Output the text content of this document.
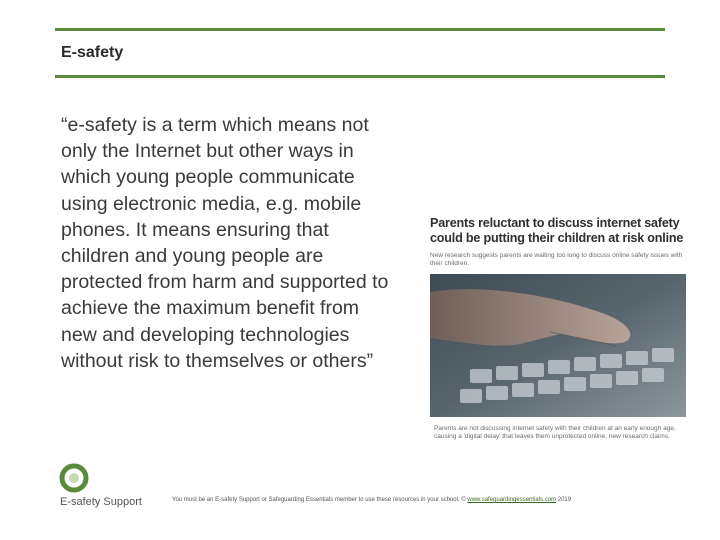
E-safety
“e-safety is a term which means not only the Internet but other ways in which young people communicate using electronic media, e.g. mobile phones. It means ensuring that children and young people are protected from harm and supported to achieve the maximum benefit from new and developing technologies without risk to themselves or others”
Parents reluctant to discuss internet safety could be putting their children at risk online
New research suggests parents are waiting too long to discuss online safety issues with their children.
Parents are not discussing internet safety with their children at an early enough age, causing a 'digital delay' that leaves them unprotected online, new research claims.
E-safety Support	You must be an E-safety Support or Safeguarding Essentials member to use these resources in your school. © www.safeguardingessentials.com 2019
